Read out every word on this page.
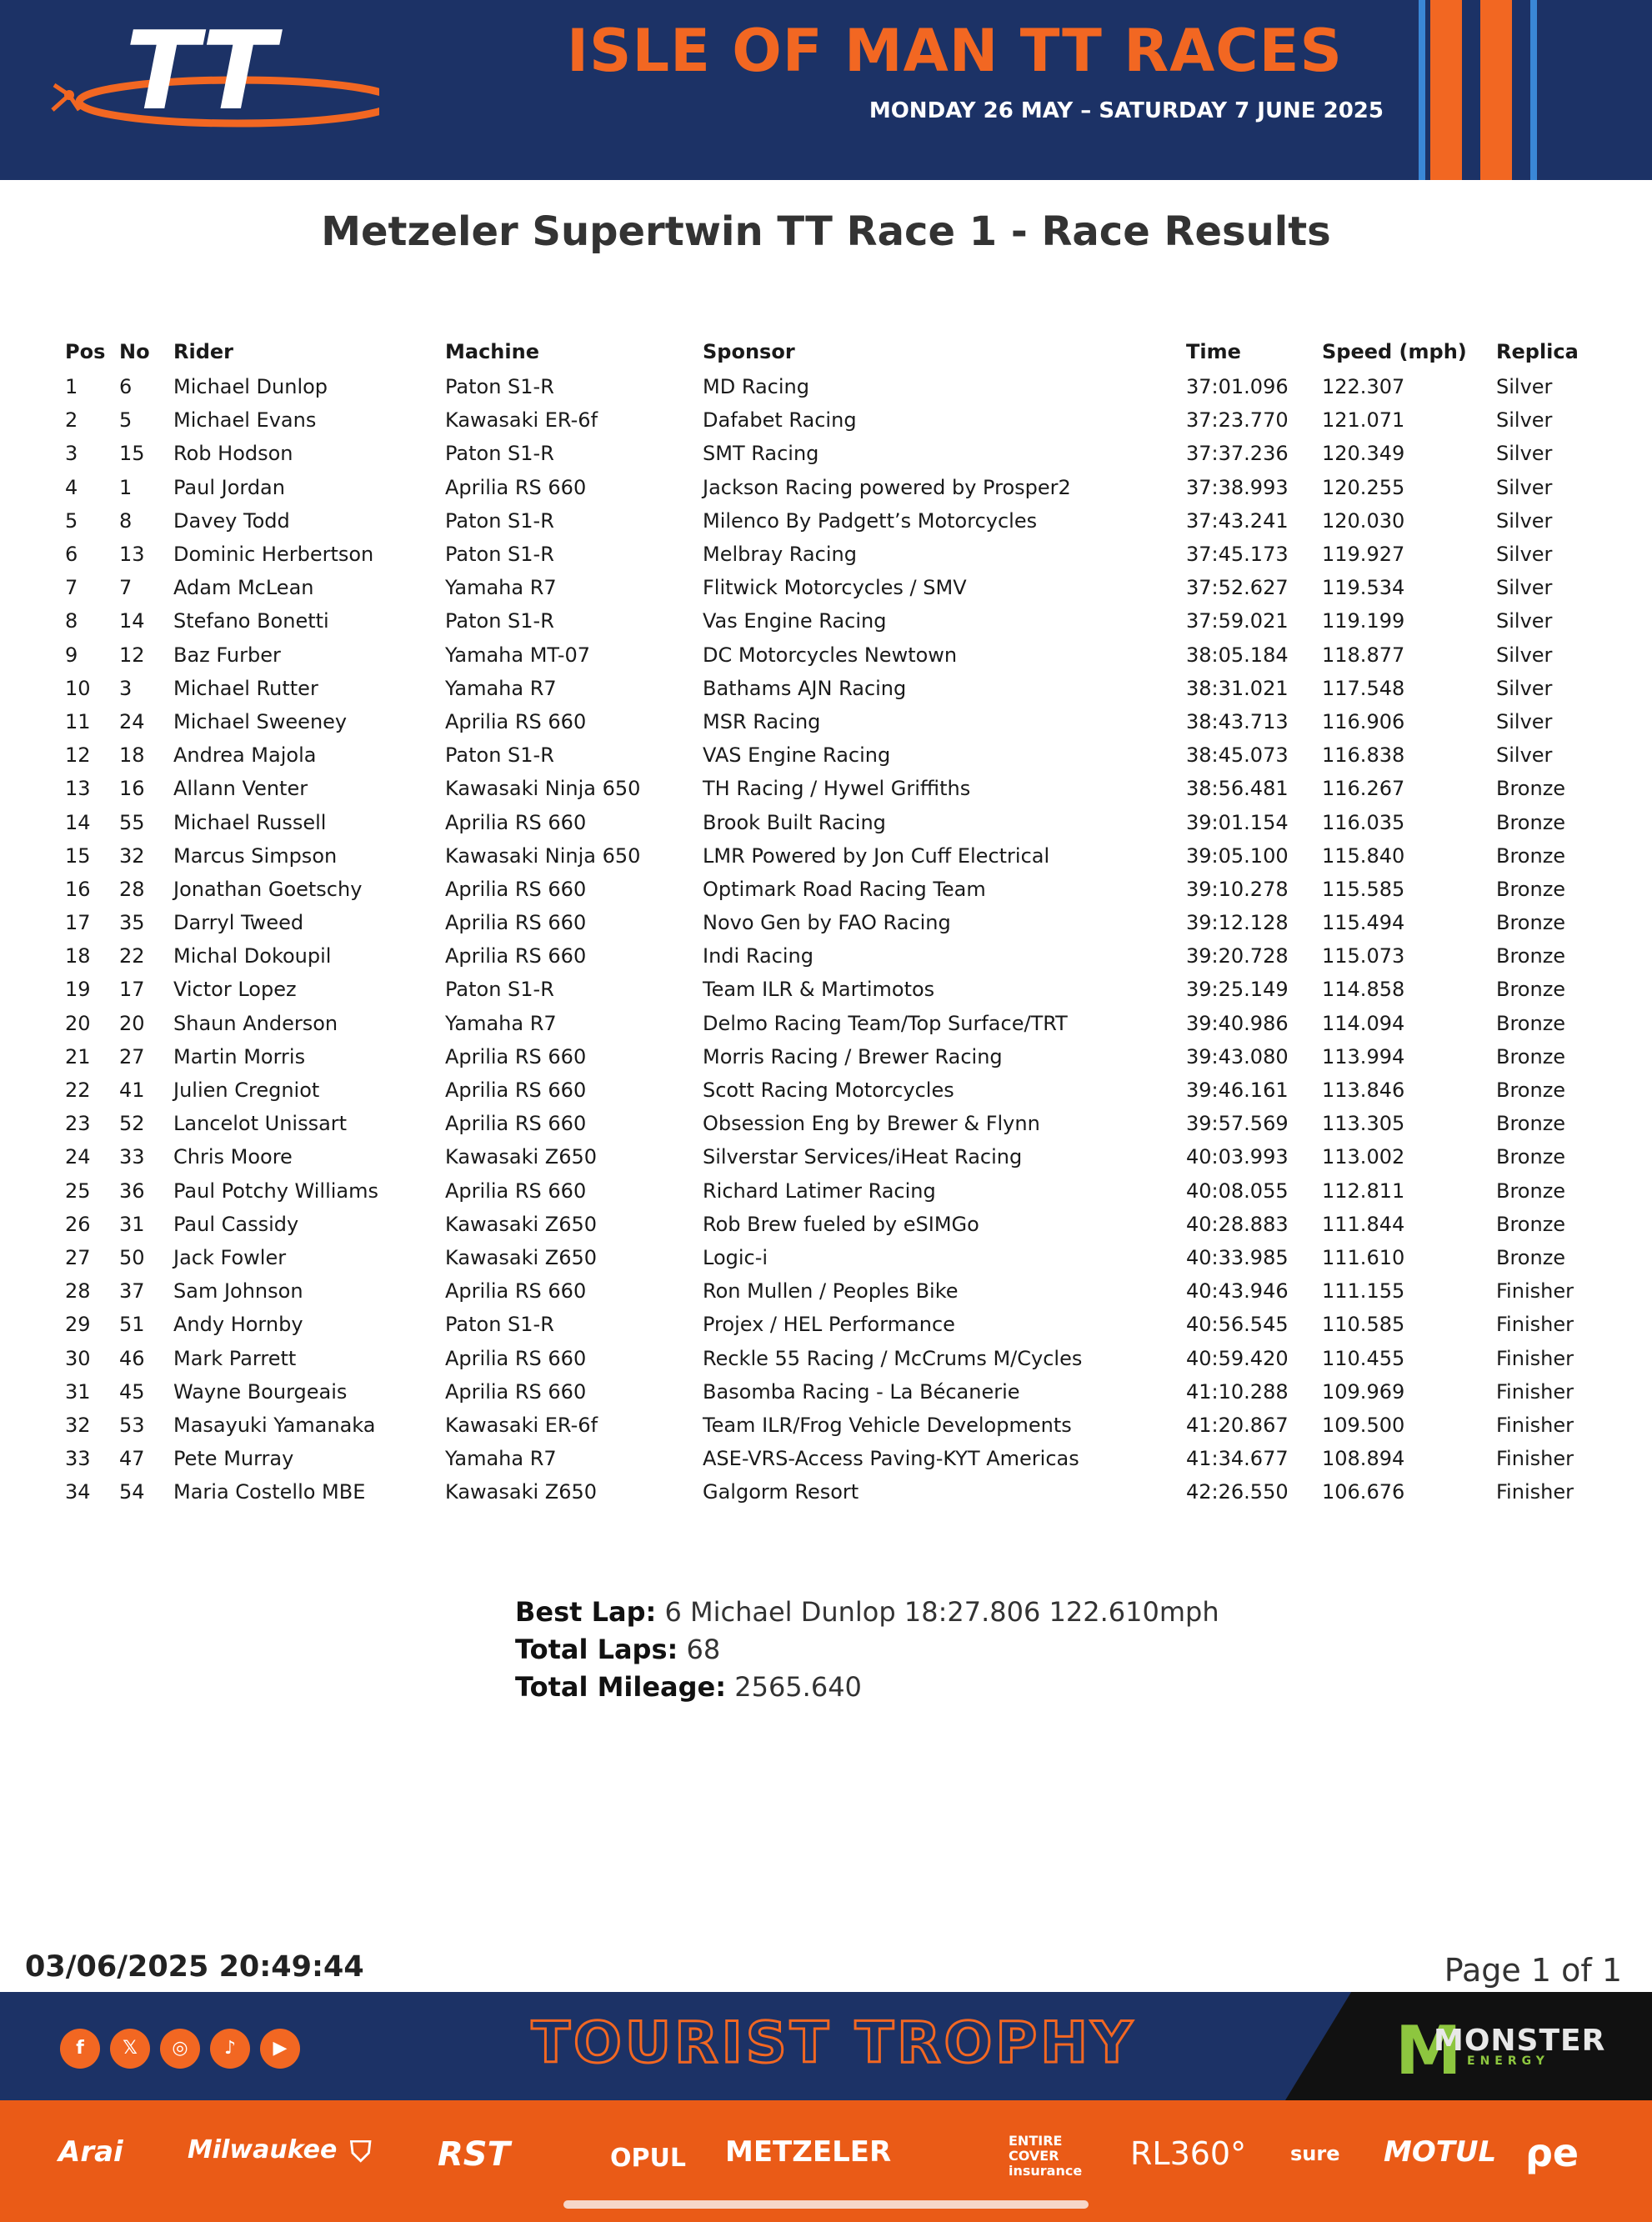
TT	ISLE OF MAN TT RACES
MONDAY 26 MAY – SATURDAY 7 JUNE 2025
Metzeler Supertwin TT Race 1 - Race Results
Pos	No	Rider	Machine	Sponsor	Time	Speed (mph)	Replica
1	6	Michael Dunlop	Paton S1-R	MD Racing	37:01.096	122.307	Silver
2	5	Michael Evans	Kawasaki ER-6f	Dafabet Racing	37:23.770	121.071	Silver
3	15	Rob Hodson	Paton S1-R	SMT Racing	37:37.236	120.349	Silver
4	1	Paul Jordan	Aprilia RS 660	Jackson Racing powered by Prosper2	37:38.993	120.255	Silver
5	8	Davey Todd	Paton S1-R	Milenco By Padgett’s Motorcycles	37:43.241	120.030	Silver
6	13	Dominic Herbertson	Paton S1-R	Melbray Racing	37:45.173	119.927	Silver
7	7	Adam McLean	Yamaha R7	Flitwick Motorcycles / SMV	37:52.627	119.534	Silver
8	14	Stefano Bonetti	Paton S1-R	Vas Engine Racing	37:59.021	119.199	Silver
9	12	Baz Furber	Yamaha MT-07	DC Motorcycles Newtown	38:05.184	118.877	Silver
10	3	Michael Rutter	Yamaha R7	Bathams AJN Racing	38:31.021	117.548	Silver
11	24	Michael Sweeney	Aprilia RS 660	MSR Racing	38:43.713	116.906	Silver
12	18	Andrea Majola	Paton S1-R	VAS Engine Racing	38:45.073	116.838	Silver
13	16	Allann Venter	Kawasaki Ninja 650	TH Racing / Hywel Griffiths	38:56.481	116.267	Bronze
14	55	Michael Russell	Aprilia RS 660	Brook Built Racing	39:01.154	116.035	Bronze
15	32	Marcus Simpson	Kawasaki Ninja 650	LMR Powered by Jon Cuff Electrical	39:05.100	115.840	Bronze
16	28	Jonathan Goetschy	Aprilia RS 660	Optimark Road Racing Team	39:10.278	115.585	Bronze
17	35	Darryl Tweed	Aprilia RS 660	Novo Gen by FAO Racing	39:12.128	115.494	Bronze
18	22	Michal Dokoupil	Aprilia RS 660	Indi Racing	39:20.728	115.073	Bronze
19	17	Victor Lopez	Paton S1-R	Team ILR & Martimotos	39:25.149	114.858	Bronze
20	20	Shaun Anderson	Yamaha R7	Delmo Racing Team/Top Surface/TRT	39:40.986	114.094	Bronze
21	27	Martin Morris	Aprilia RS 660	Morris Racing / Brewer Racing	39:43.080	113.994	Bronze
22	41	Julien Cregniot	Aprilia RS 660	Scott Racing Motorcycles	39:46.161	113.846	Bronze
23	52	Lancelot Unissart	Aprilia RS 660	Obsession Eng by Brewer & Flynn	39:57.569	113.305	Bronze
24	33	Chris Moore	Kawasaki Z650	Silverstar Services/iHeat Racing	40:03.993	113.002	Bronze
25	36	Paul Potchy Williams	Aprilia RS 660	Richard Latimer Racing	40:08.055	112.811	Bronze
26	31	Paul Cassidy	Kawasaki Z650	Rob Brew fueled by eSIMGo	40:28.883	111.844	Bronze
27	50	Jack Fowler	Kawasaki Z650	Logic-i	40:33.985	111.610	Bronze
28	37	Sam Johnson	Aprilia RS 660	Ron Mullen / Peoples Bike	40:43.946	111.155	Finisher
29	51	Andy Hornby	Paton S1-R	Projex / HEL Performance	40:56.545	110.585	Finisher
30	46	Mark Parrett	Aprilia RS 660	Reckle 55 Racing / McCrums M/Cycles	40:59.420	110.455	Finisher
31	45	Wayne Bourgeais	Aprilia RS 660	Basomba Racing - La Bécanerie	41:10.288	109.969	Finisher
32	53	Masayuki Yamanaka	Kawasaki ER-6f	Team ILR/Frog Vehicle Developments	41:20.867	109.500	Finisher
33	47	Pete Murray	Yamaha R7	ASE-VRS-Access Paving-KYT Americas	41:34.677	108.894	Finisher
34	54	Maria Costello MBE	Kawasaki Z650	Galgorm Resort	42:26.550	106.676	Finisher
Best Lap: 6 Michael Dunlop 18:27.806 122.610mph
Total Laps: 68
Total Mileage: 2565.640
03/06/2025 20:49:44	Page 1 of 1
f	𝕏	◎	♪	▶	TOURIST TROPHY	M
MONSTER
ENERGY
Arai	Milwaukee ⛉ RST	OPUL METZELER	ENTIRE COVER insurance RL360° sure MOTUL ρe
